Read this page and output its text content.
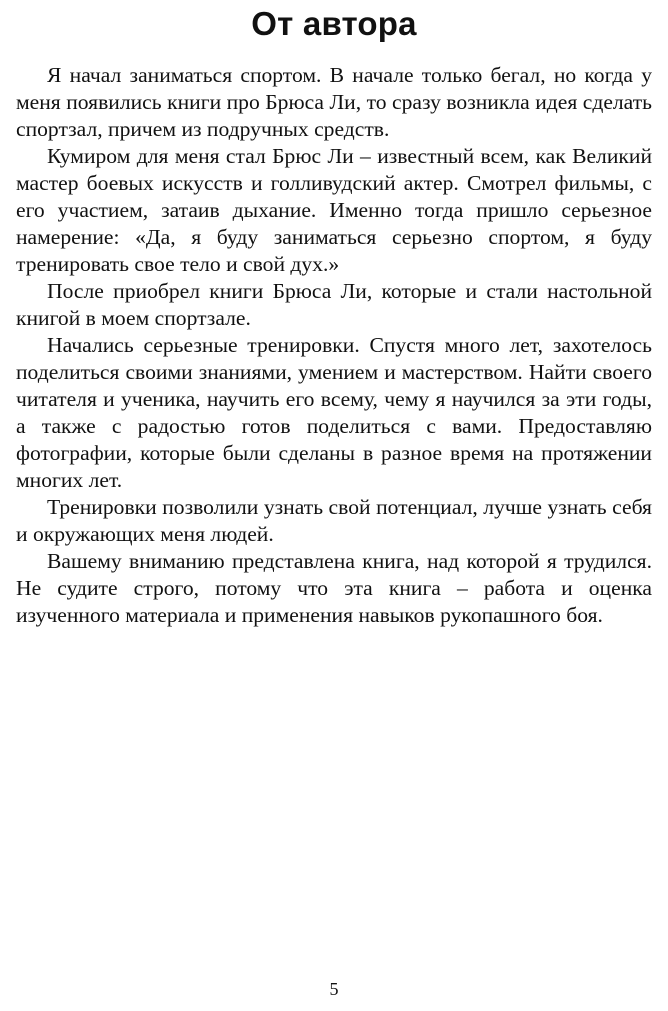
От автора

Я начал заниматься спортом. В начале только бегал, но когда у меня появились книги про Брюса Ли, то сразу возникла идея сделать спортзал, причем из подручных средств.

Кумиром для меня стал Брюс Ли – известный всем, как Великий мастер боевых искусств и голливудский актер. Смотрел фильмы, с его участием, затаив дыхание. Именно тогда пришло серьезное намерение: «Да, я буду заниматься серьезно спортом, я буду тренировать свое тело и свой дух.»

После приобрел книги Брюса Ли, которые и стали настольной книгой в моем спортзале.

Начались серьезные тренировки. Спустя много лет, захотелось поделиться своими знаниями, умением и мастерством. Найти своего читателя и ученика, научить его всему, чему я научился за эти годы, а также с радостью готов поделиться с вами. Предоставляю фотографии, которые были сделаны в разное время на протяжении многих лет.

Тренировки позволили узнать свой потенциал, лучше узнать себя и окружающих меня людей.

Вашему вниманию представлена книга, над которой я трудился. Не судите строго, потому что эта книга – работа и оценка изученного материала и применения навыков рукопашного боя.

5
